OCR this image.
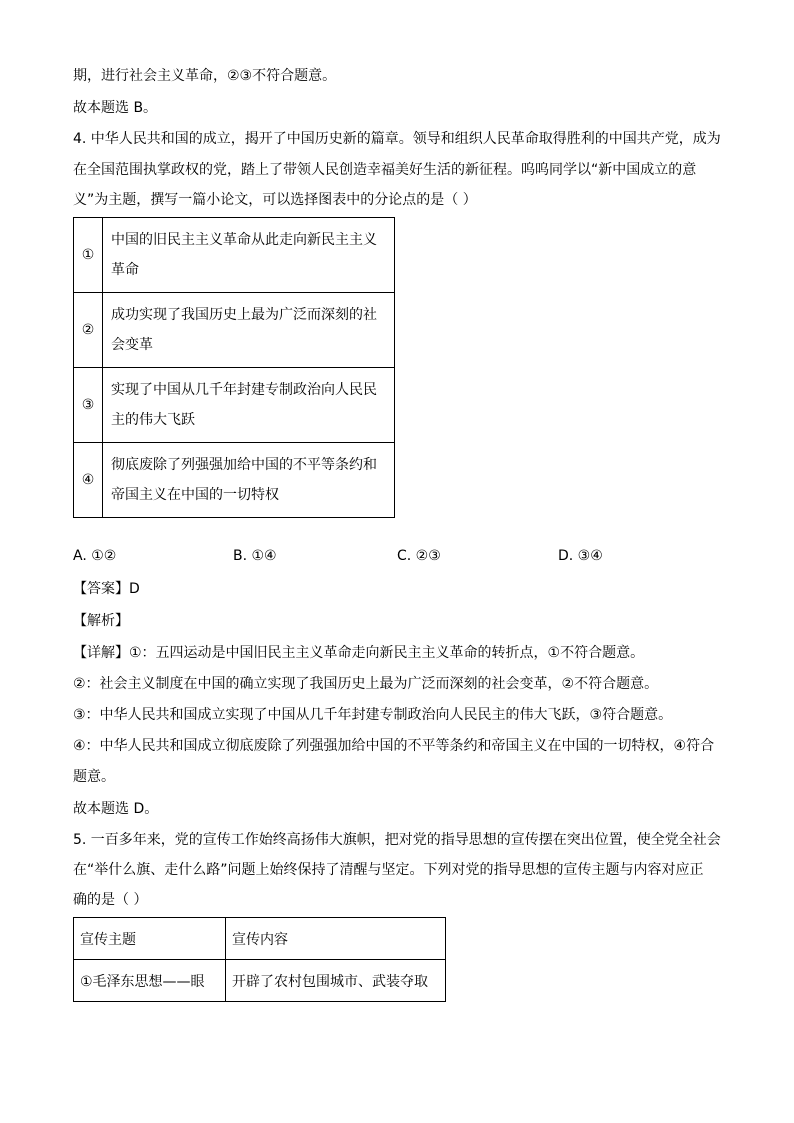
期，进行社会主义革命，②③不符合题意。
故本题选 B。
4. 中华人民共和国的成立，揭开了中国历史新的篇章。领导和组织人民革命取得胜利的中国共产党，成为
在全国范围执掌政权的党，踏上了带领人民创造幸福美好生活的新征程。呜呜同学以“新中国成立的意
义”为主题，撰写一篇小论文，可以选择图表中的分论点的是（ ）
①	中国的旧民主主义革命从此走向新民主主义革命
②	成功实现了我国历史上最为广泛而深刻的社会变革
③	实现了中国从几千年封建专制政治向人民民主的伟大飞跃
④	彻底废除了列强强加给中国的不平等条约和帝国主义在中国的一切特权
A. ①②	B. ①④	C. ②③	D. ③④
【答案】D
【解析】
【详解】①：五四运动是中国旧民主主义革命走向新民主主义革命的转折点，①不符合题意。
②：社会主义制度在中国的确立实现了我国历史上最为广泛而深刻的社会变革，②不符合题意。
③：中华人民共和国成立实现了中国从几千年封建专制政治向人民民主的伟大飞跃，③符合题意。
④：中华人民共和国成立彻底废除了列强强加给中国的不平等条约和帝国主义在中国的一切特权，④符合
题意。
故本题选 D。
5. 一百多年来，党的宣传工作始终高扬伟大旗帜，把对党的指导思想的宣传摆在突出位置，使全党全社会
在“举什么旗、走什么路”问题上始终保持了清醒与坚定。下列对党的指导思想的宣传主题与内容对应正
确的是（ ）
宣传主题	宣传内容
①毛泽东思想——眼	开辟了农村包围城市、武装夺取
